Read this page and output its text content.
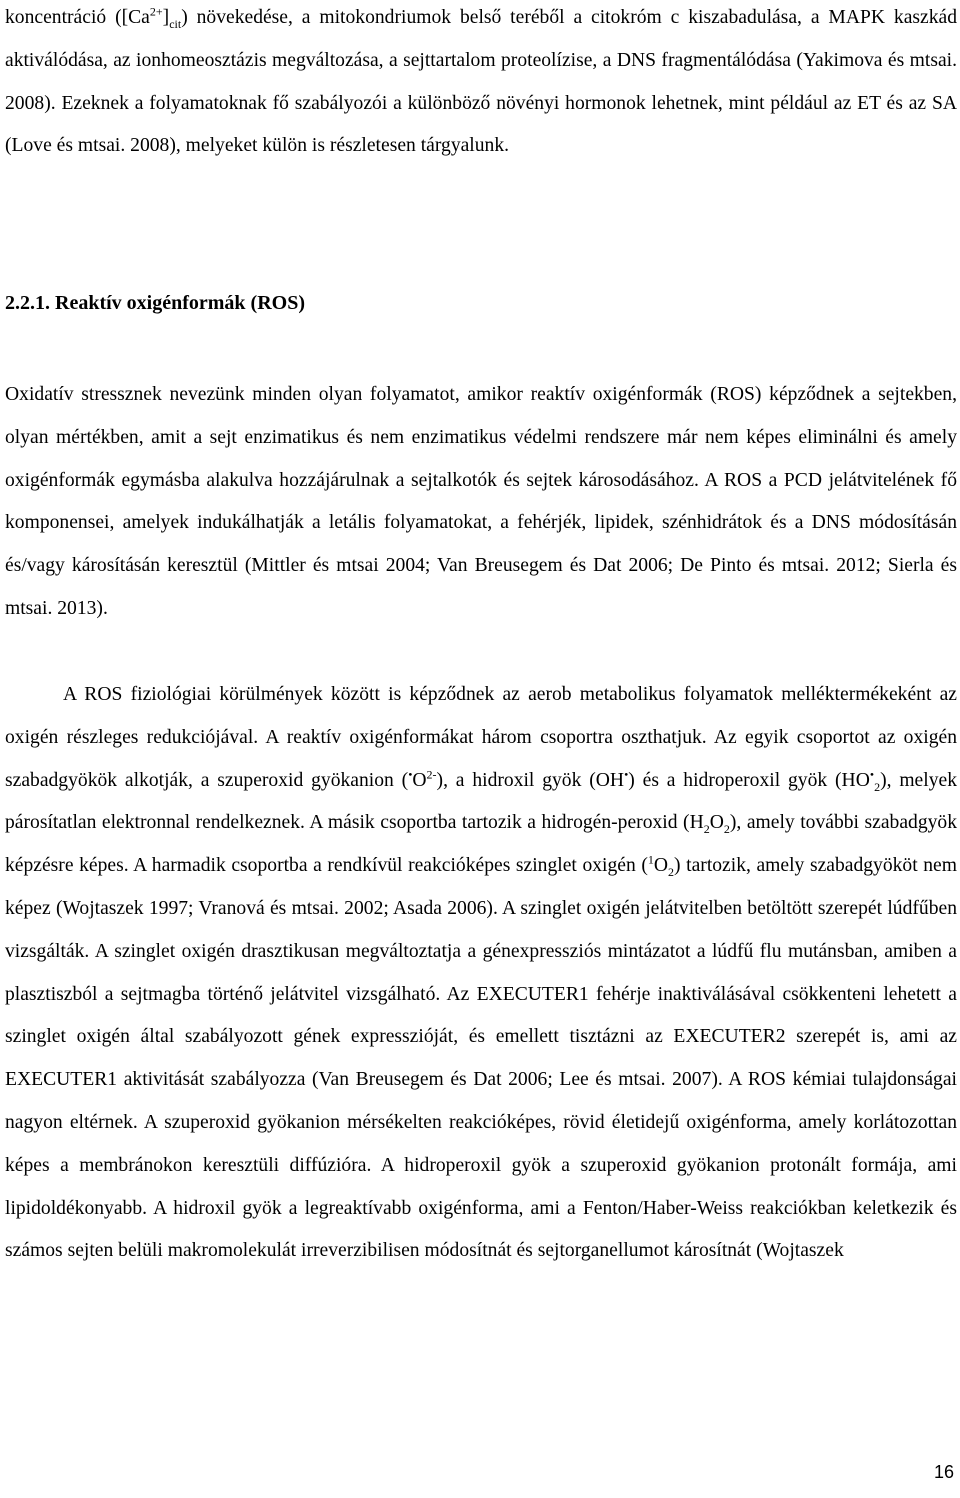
koncentráció $([Ca^{2+}]_{cit})$ növekedése, a mitokondriumok belső teréből a citokróm c kiszabadulása, a MAPK kaszkád aktiválódása, az ionhomeosztázis megváltozása, a sejttartalom proteolízise, a DNS fragmentálódása (Yakimova és mtsai. 2008). Ezeknek a folyamatoknak fő szabályozói a különböző növényi hormonok lehetnek, mint például az ET és az SA (Love és mtsai. 2008), melyeket külön is részletesen tárgyalunk.

2.2.1. Reaktív oxigénformák (ROS)

Oxidatív stressznek nevezünk minden olyan folyamatot, amikor reaktív oxigénformák (ROS) képződnek a sejtekben, olyan mértékben, amit a sejt enzimatikus és nem enzimatikus védelmi rendszere már nem képes eliminálni és amely oxigénformák egymásba alakulva hozzájárulnak a sejtalkotók és sejtek károsodásához. A ROS a PCD jelátvitelének fő komponensei, amelyek indukálhatják a letális folyamatokat, a fehérjék, lipidek, szénhidrátok és a DNS módosításán és/vagy károsításán keresztül (Mittler és mtsai 2004; Van Breusegem és Dat 2006; De Pinto és mtsai. 2012; Sierla és mtsai. 2013).

A ROS fiziológiai körülmények között is képződnek az aerob metabolikus folyamatok melléktermékeként az oxigén részleges redukciójával. A reaktív oxigénformákat három csoportra oszthatjuk. Az egyik csoportot az oxigén szabadgyökök alkotják, a szuperoxid gyökanion $(^•O^{2-})$, a hidroxil gyök (OH•) és a hidroperoxil gyök $(HO^•_2)$, melyek párosítatlan elektronnal rendelkeznek. A másik csoportba tartozik a hidrogén-peroxid $(H_2O_2)$, amely további szabadgyök képzésre képes. A harmadik csoportba a rendkívül reakcióképes szinglet oxigén $(^1O_2)$ tartozik, amely szabadgyököt nem képez (Wojtaszek 1997; Vranová és mtsai. 2002; Asada 2006). A szinglet oxigén jelátvitelben betöltött szerepét lúdfűben vizsgálták. A szinglet oxigén drasztikusan megváltoztatja a génexpressziós mintázatot a lúdfű flu mutánsban, amiben a plasztiszból a sejtmagba történő jelátvitel vizsgálható. Az EXECUTER1 fehérje inaktiválásával csökkenteni lehetett a szinglet oxigén által szabályozott gének expresszióját, és emellett tisztázni az EXECUTER2 szerepét is, ami az EXECUTER1 aktivitását szabályozza (Van Breusegem és Dat 2006; Lee és mtsai. 2007). A ROS kémiai tulajdonságai nagyon eltérnek. A szuperoxid gyökanion mérsékelten reakcióképes, rövid életidejű oxigénforma, amely korlátozottan képes a membránokon keresztüli diffúzióra. A hidroperoxil gyök a szuperoxid gyökanion protonált formája, ami lipidoldékonyabb. A hidroxil gyök a legreaktívabb oxigénforma, ami a Fenton/Haber-Weiss reakciókban keletkezik és számos sejten belüli makromolekulát irreverzibilisen módosítnát és sejtorganellumot károsítnát (Wojtaszek

16
